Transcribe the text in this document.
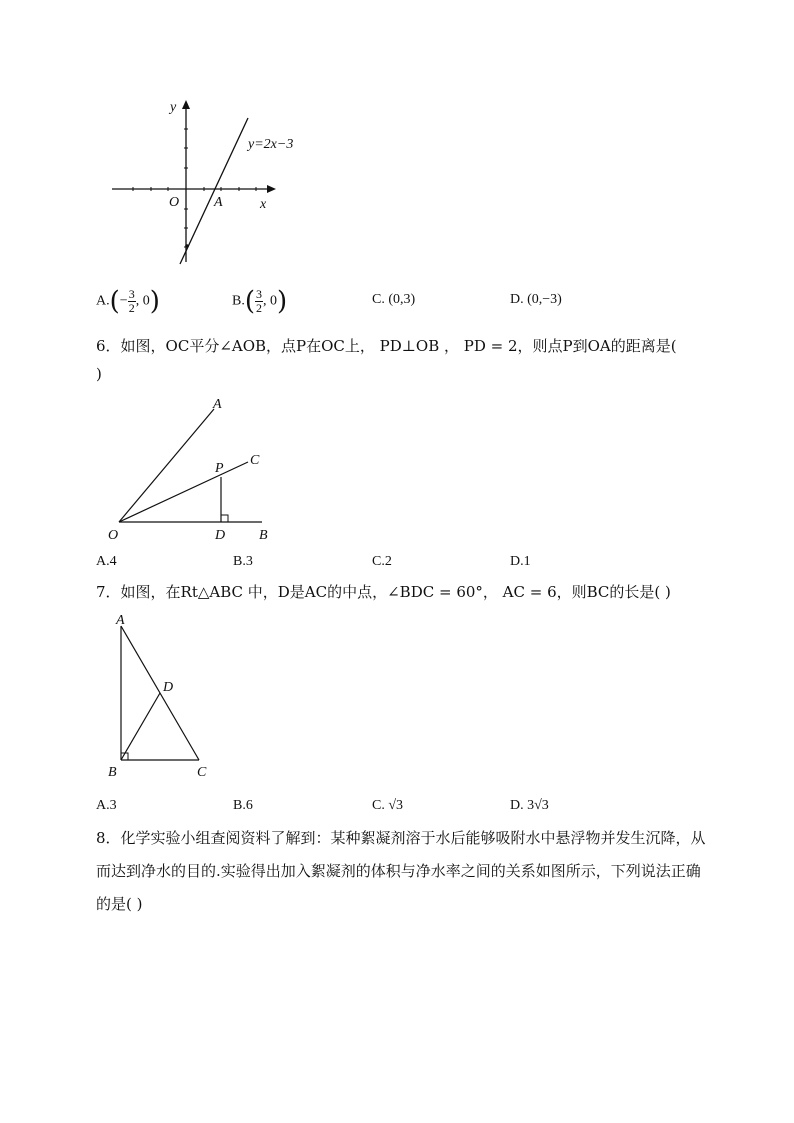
y
x
O A
y=2x−3
$A.(- \frac{3}{2}$ , 0)	$B.( \frac{3}{2}$ , 0)	C. (0,3)	D. (0,−3)
6．如图，OC平分∠AOB，点P在OC上， PD⊥OB ， PD = 2，则点P到OA的距离是(
)
A
C
P
O	D B
A.4	B.3	C.2	D.1
7．如图，在Rt△ABC 中，D是AC的中点，∠BDC = 60°， AC = 6，则BC的长是( )
A
D
B	C
A.3	B.6	C. √3	D. 3√3
8．化学实验小组查阅资料了解到：某种絮凝剂溶于水后能够吸附水中悬浮物并发生沉降，从而达到净水的目的.实验得出加入絮凝剂的体积与净水率之间的关系如图所示，下列说法正确的是( )
